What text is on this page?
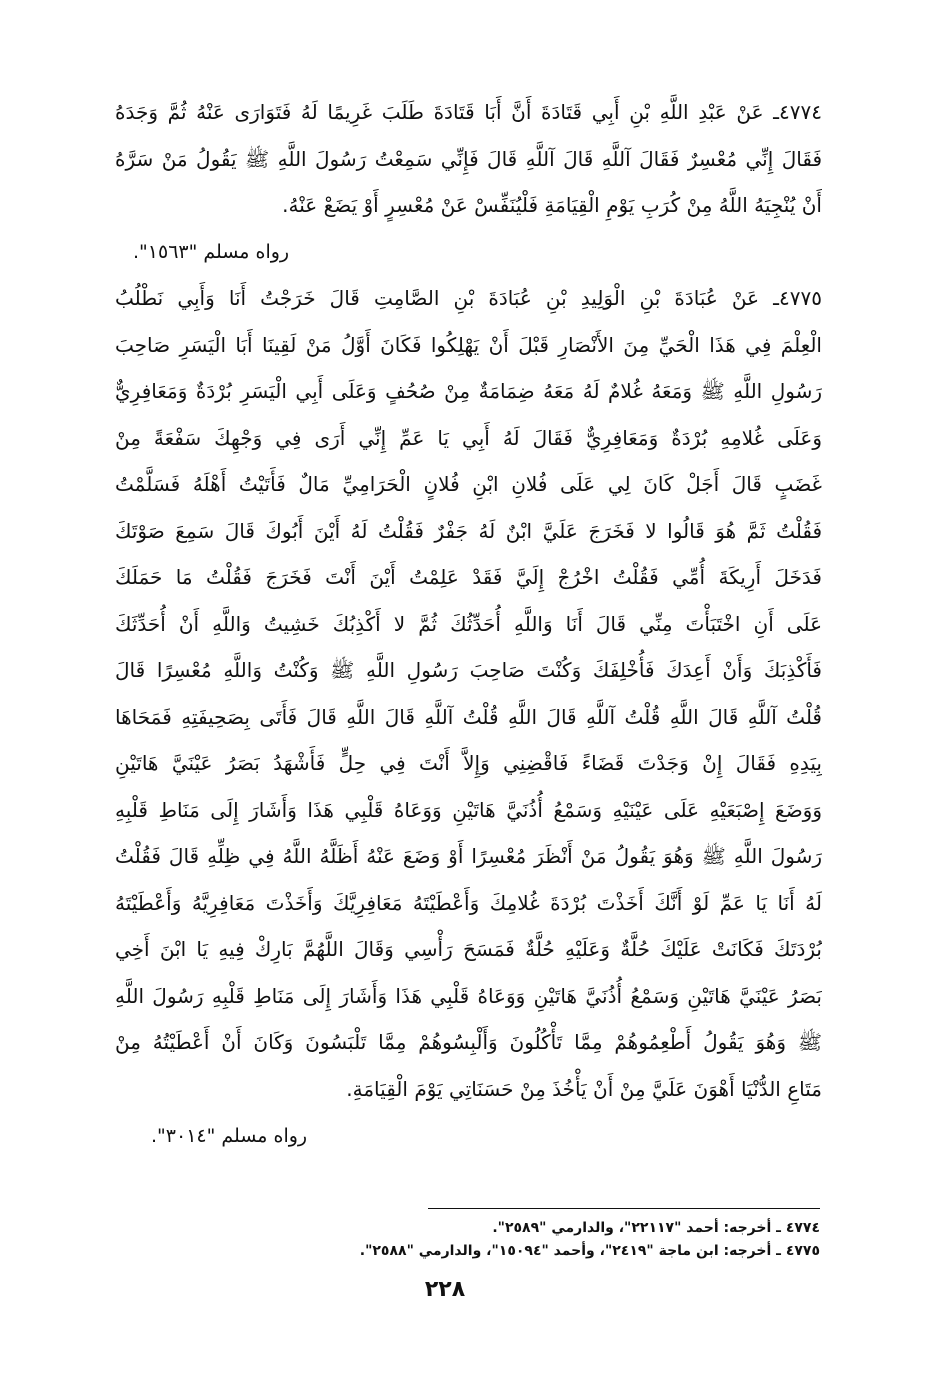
٤٧٧٤ـ عَنْ عَبْدِ اللَّهِ بْنِ أَبِي قَتَادَةَ أَنَّ أَبَا قَتَادَةَ طَلَبَ غَرِيمًا لَهُ فَتَوَارَى عَنْهُ ثُمَّ وَجَدَهُ
فَقَالَ إِنِّي مُعْسِرٌ فَقَالَ آللَّهِ قَالَ آللَّهِ قَالَ فَإِنِّي سَمِعْتُ رَسُولَ اللَّهِ ﷺ يَقُولُ مَنْ سَرَّهُ
أَنْ يُنْجِيَهُ اللَّهُ مِنْ كُرَبِ يَوْمِ الْقِيَامَةِ فَلْيُنَفِّسْ عَنْ مُعْسِرٍ أَوْ يَضَعْ عَنْهُ.
رواه مسلم "١٥٦٣".
٤٧٧٥ـ عَنْ عُبَادَةَ بْنِ الْوَلِيدِ بْنِ عُبَادَةَ بْنِ الصَّامِتِ قَالَ خَرَجْتُ أَنَا وَأَبِي نَطْلُبُ
الْعِلْمَ فِي هَذَا الْحَيِّ مِنَ الأَنْصَارِ قَبْلَ أَنْ يَهْلِكُوا فَكَانَ أَوَّلُ مَنْ لَقِينَا أَبَا الْيَسَرِ صَاحِبَ
رَسُولِ اللَّهِ ﷺ وَمَعَهُ غُلامٌ لَهُ مَعَهُ ضِمَامَةٌ مِنْ صُحُفٍ وَعَلَى أَبِي الْيَسَرِ بُرْدَةٌ وَمَعَافِرِيٌّ
وَعَلَى غُلامِهِ بُرْدَةٌ وَمَعَافِرِيٌّ فَقَالَ لَهُ أَبِي يَا عَمِّ إِنِّي أَرَى فِي وَجْهِكَ سَفْعَةً مِنْ
غَضَبٍ قَالَ أَجَلْ كَانَ لِي عَلَى فُلانِ ابْنِ فُلانٍ الْحَرَامِيِّ مَالٌ فَأَتَيْتُ أَهْلَهُ فَسَلَّمْتُ
فَقُلْتُ ثَمَّ هُوَ قَالُوا لا فَخَرَجَ عَلَيَّ ابْنٌ لَهُ جَفْرٌ فَقُلْتُ لَهُ أَيْنَ أَبُوكَ قَالَ سَمِعَ صَوْتَكَ
فَدَخَلَ أَرِيكَةَ أُمِّي فَقُلْتُ اخْرُجْ إِلَيَّ فَقَدْ عَلِمْتُ أَيْنَ أَنْتَ فَخَرَجَ فَقُلْتُ مَا حَمَلَكَ
عَلَى أَنِ اخْتَبَأْتَ مِنِّي قَالَ أَنَا وَاللَّهِ أُحَدِّثُكَ ثُمَّ لا أَكْذِبُكَ خَشِيتُ وَاللَّهِ أَنْ أُحَدِّثَكَ
فَأَكْذِبَكَ وَأَنْ أَعِدَكَ فَأُخْلِفَكَ وَكُنْتَ صَاحِبَ رَسُولِ اللَّهِ ﷺ وَكُنْتُ وَاللَّهِ مُعْسِرًا قَالَ
قُلْتُ آللَّهِ قَالَ اللَّهِ قُلْتُ آللَّهِ قَالَ اللَّهِ قُلْتُ آللَّهِ قَالَ اللَّهِ قَالَ فَأَتَى بِصَحِيفَتِهِ فَمَحَاهَا
بِيَدِهِ فَقَالَ إِنْ وَجَدْتَ قَضَاءً فَاقْضِنِي وَإِلاَّ أَنْتَ فِي حِلٍّ فَأَشْهَدُ بَصَرُ عَيْنَيَّ هَاتَيْنِ
وَوَضَعَ إِصْبَعَيْهِ عَلَى عَيْنَيْهِ وَسَمْعُ أُذُنَيَّ هَاتَيْنِ وَوَعَاهُ قَلْبِي هَذَا وَأَشَارَ إِلَى مَنَاطِ قَلْبِهِ
رَسُولَ اللَّهِ ﷺ وَهُوَ يَقُولُ مَنْ أَنْظَرَ مُعْسِرًا أَوْ وَضَعَ عَنْهُ أَظَلَّهُ اللَّهُ فِي ظِلِّهِ قَالَ فَقُلْتُ
لَهُ أَنَا يَا عَمِّ لَوْ أَنَّكَ أَخَذْتَ بُرْدَةَ غُلامِكَ وَأَعْطَيْتَهُ مَعَافِرِيَّكَ وَأَخَذْتَ مَعَافِرِيَّهُ وَأَعْطَيْتَهُ
بُرْدَتَكَ فَكَانَتْ عَلَيْكَ حُلَّةٌ وَعَلَيْهِ حُلَّةٌ فَمَسَحَ رَأْسِي وَقَالَ اللَّهُمَّ بَارِكْ فِيهِ يَا ابْنَ أَخِي
بَصَرُ عَيْنَيَّ هَاتَيْنِ وَسَمْعُ أُذُنَيَّ هَاتَيْنِ وَوَعَاهُ قَلْبِي هَذَا وَأَشَارَ إِلَى مَنَاطِ قَلْبِهِ رَسُولَ اللَّهِ
ﷺ وَهُوَ يَقُولُ أَطْعِمُوهُمْ مِمَّا تَأْكُلُونَ وَأَلْبِسُوهُمْ مِمَّا تَلْبَسُونَ وَكَانَ أَنْ أَعْطَيْتُهُ مِنْ
مَتَاعِ الدُّنْيَا أَهْوَنَ عَلَيَّ مِنْ أَنْ يَأْخُذَ مِنْ حَسَنَاتِي يَوْمَ الْقِيَامَةِ.
رواه مسلم "٣٠١٤".
٤٧٧٤ ـ أخرجه: أحمد "٢٢١١٧"، والدارمي "٢٥٨٩".
٤٧٧٥ ـ أخرجه: ابن ماجة "٢٤١٩"، وأحمد "١٥٠٩٤"، والدارمي "٢٥٨٨".
٢٢٨
